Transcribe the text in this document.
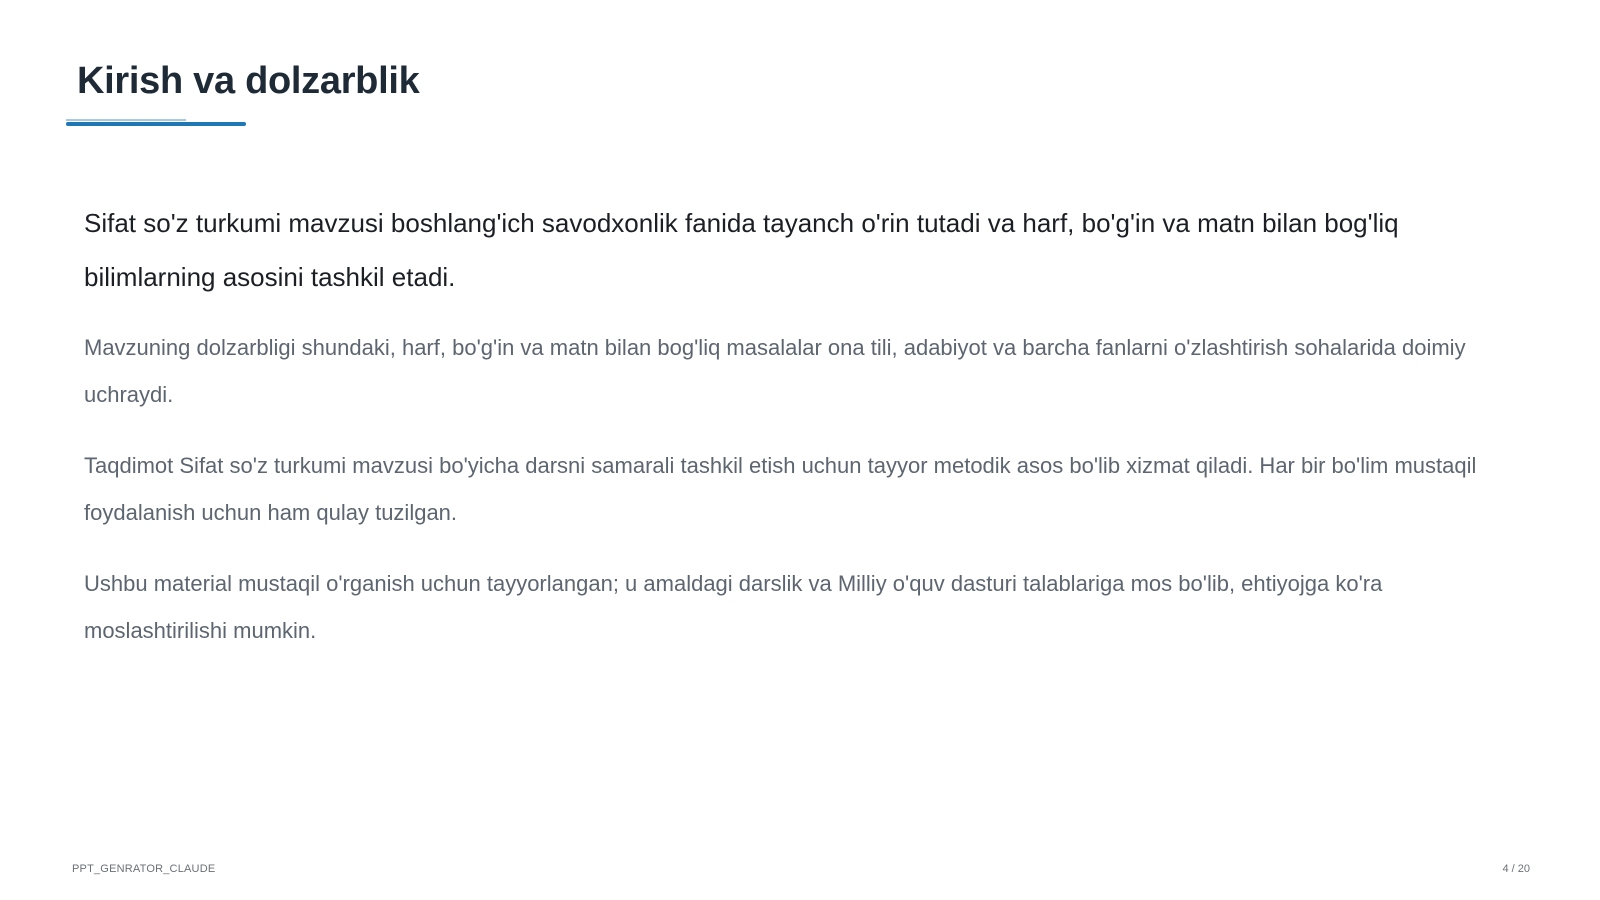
Kirish va dolzarblik

Sifat so'z turkumi mavzusi boshlang'ich savodxonlik fanida tayanch o'rin tutadi va harf, bo'g'in va matn bilan bog'liq bilimlarning asosini tashkil etadi.

Mavzuning dolzarbligi shundaki, harf, bo'g'in va matn bilan bog'liq masalalar ona tili, adabiyot va barcha fanlarni o'zlashtirish sohalarida doimiy uchraydi.

Taqdimot Sifat so'z turkumi mavzusi bo'yicha darsni samarali tashkil etish uchun tayyor metodik asos bo'lib xizmat qiladi. Har bir bo'lim mustaqil foydalanish uchun ham qulay tuzilgan.

Ushbu material mustaqil o'rganish uchun tayyorlangan; u amaldagi darslik va Milliy o'quv dasturi talablariga mos bo'lib, ehtiyojga ko'ra moslashtirilishi mumkin.

PPT_GENRATOR_CLAUDE	4 / 20
